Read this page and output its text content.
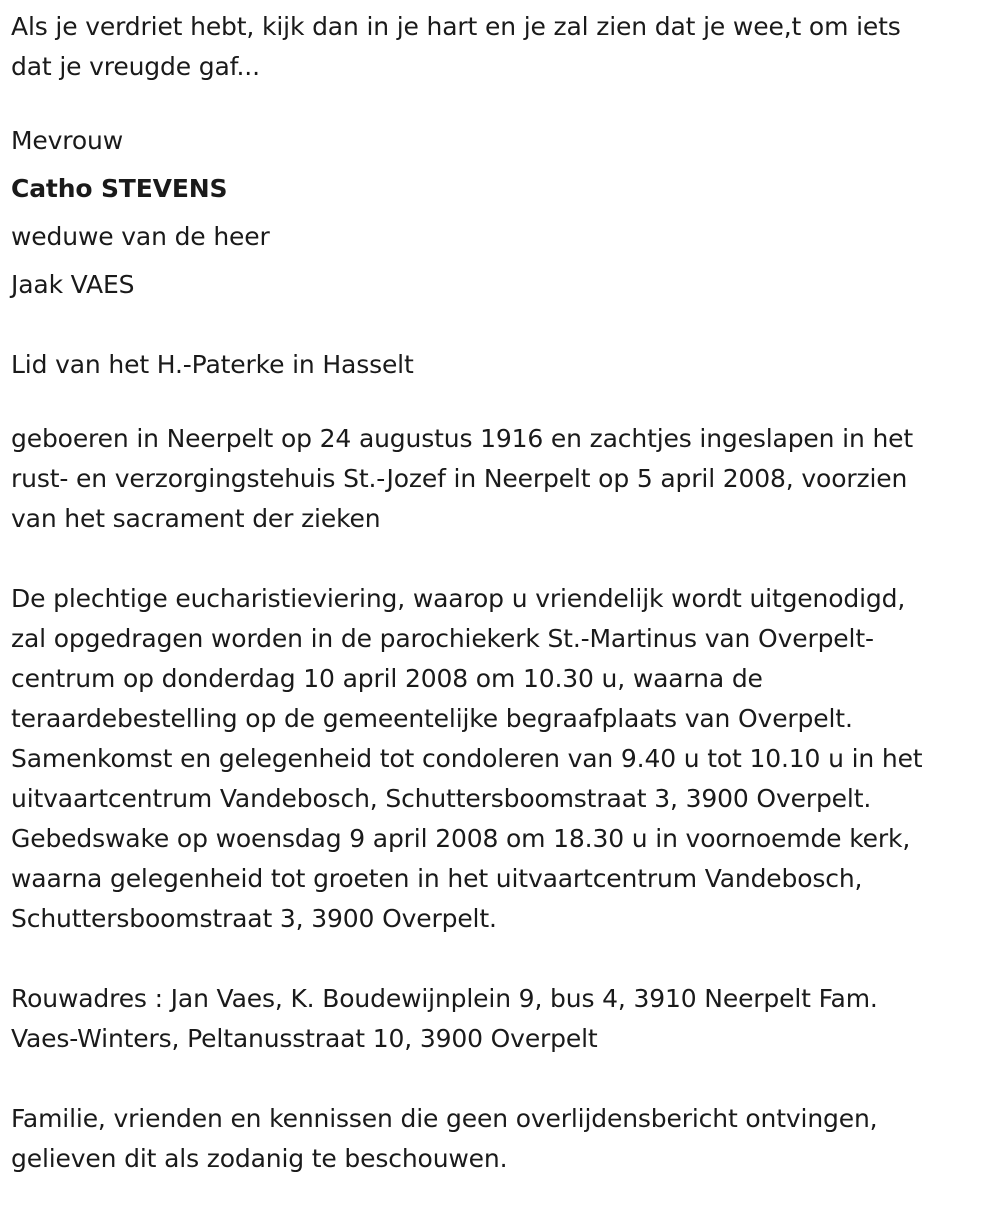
Als je verdriet hebt, kijk dan in je hart en je zal zien dat je wee,t om iets
dat je vreugde gaf...
Mevrouw
Catho STEVENS
weduwe van de heer
Jaak VAES
Lid van het H.-Paterke in Hasselt
geboeren in Neerpelt op 24 augustus 1916 en zachtjes ingeslapen in het
rust- en verzorgingstehuis St.-Jozef in Neerpelt op 5 april 2008, voorzien
van het sacrament der zieken
De plechtige eucharistieviering, waarop u vriendelijk wordt uitgenodigd,
zal opgedragen worden in de parochiekerk St.-Martinus van Overpelt-
centrum op donderdag 10 april 2008 om 10.30 u, waarna de
teraardebestelling op de gemeentelijke begraafplaats van Overpelt.
Samenkomst en gelegenheid tot condoleren van 9.40 u tot 10.10 u in het
uitvaartcentrum Vandebosch, Schuttersboomstraat 3, 3900 Overpelt.
Gebedswake op woensdag 9 april 2008 om 18.30 u in voornoemde kerk,
waarna gelegenheid tot groeten in het uitvaartcentrum Vandebosch,
Schuttersboomstraat 3, 3900 Overpelt.
Rouwadres : Jan Vaes, K. Boudewijnplein 9, bus 4, 3910 Neerpelt Fam.
Vaes-Winters, Peltanusstraat 10, 3900 Overpelt
Familie, vrienden en kennissen die geen overlijdensbericht ontvingen,
gelieven dit als zodanig te beschouwen.
